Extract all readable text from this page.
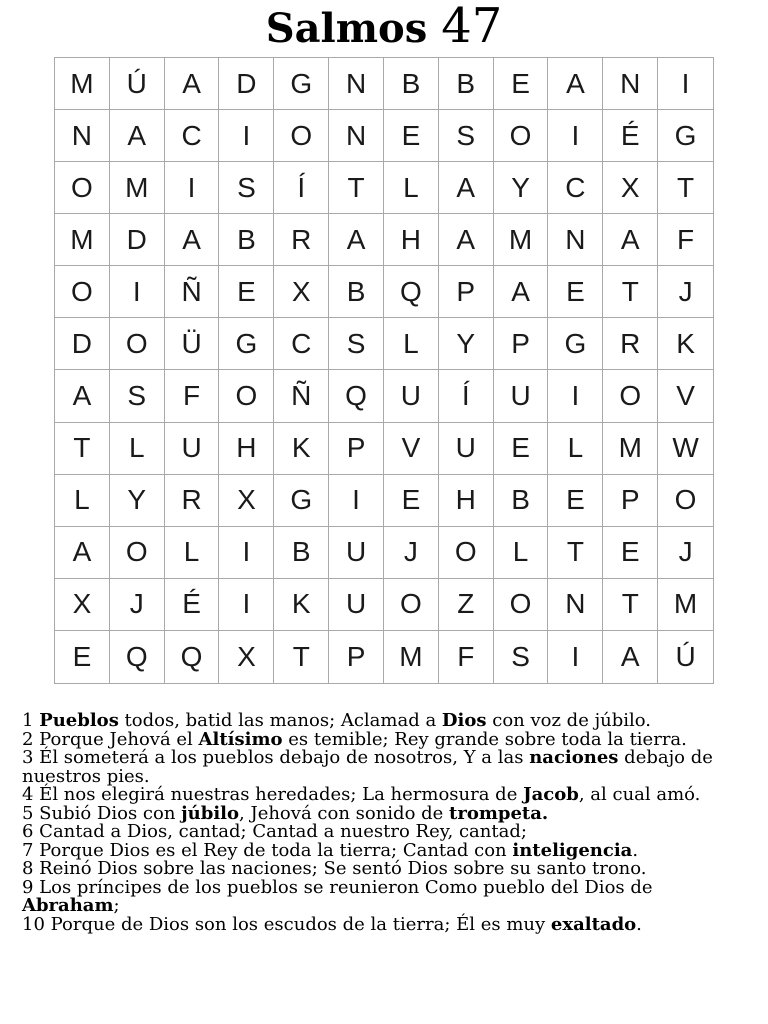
Salmos 47
M	Ú	A	D	G	N	B	B	E	A	N	I
N	A	C	I	O	N	E	S	O	I	É	G
O	M	I	S	Í	T	L	A	Y	C	X	T
M	D	A	B	R	A	H	A	M	N	A	F
O	I	Ñ	E	X	B	Q	P	A	E	T	J
D	O	Ü	G	C	S	L	Y	P	G	R	K
A	S	F	O	Ñ	Q	U	Í	U	I	O	V
T	L	U	H	K	P	V	U	E	L	M	W
L	Y	R	X	G	I	E	H	B	E	P	O
A	O	L	I	B	U	J	O	L	T	E	J
X	J	É	I	K	U	O	Z	O	N	T	M
E	Q	Q	X	T	P	M	F	S	I	A	Ú

1 Pueblos todos, batid las manos; Aclamad a Dios con voz de júbilo.

2 Porque Jehová el Altísimo es temible; Rey grande sobre toda la tierra.

3 Él someterá a los pueblos debajo de nosotros, Y a las naciones debajo de nuestros pies.

4 Él nos elegirá nuestras heredades; La hermosura de Jacob, al cual amó.

5 Subió Dios con júbilo, Jehová con sonido de trompeta.

6 Cantad a Dios, cantad; Cantad a nuestro Rey, cantad;

7 Porque Dios es el Rey de toda la tierra; Cantad con inteligencia.

8 Reinó Dios sobre las naciones; Se sentó Dios sobre su santo trono.

9 Los príncipes de los pueblos se reunieron Como pueblo del Dios de Abraham;

10 Porque de Dios son los escudos de la tierra; Él es muy exaltado.
